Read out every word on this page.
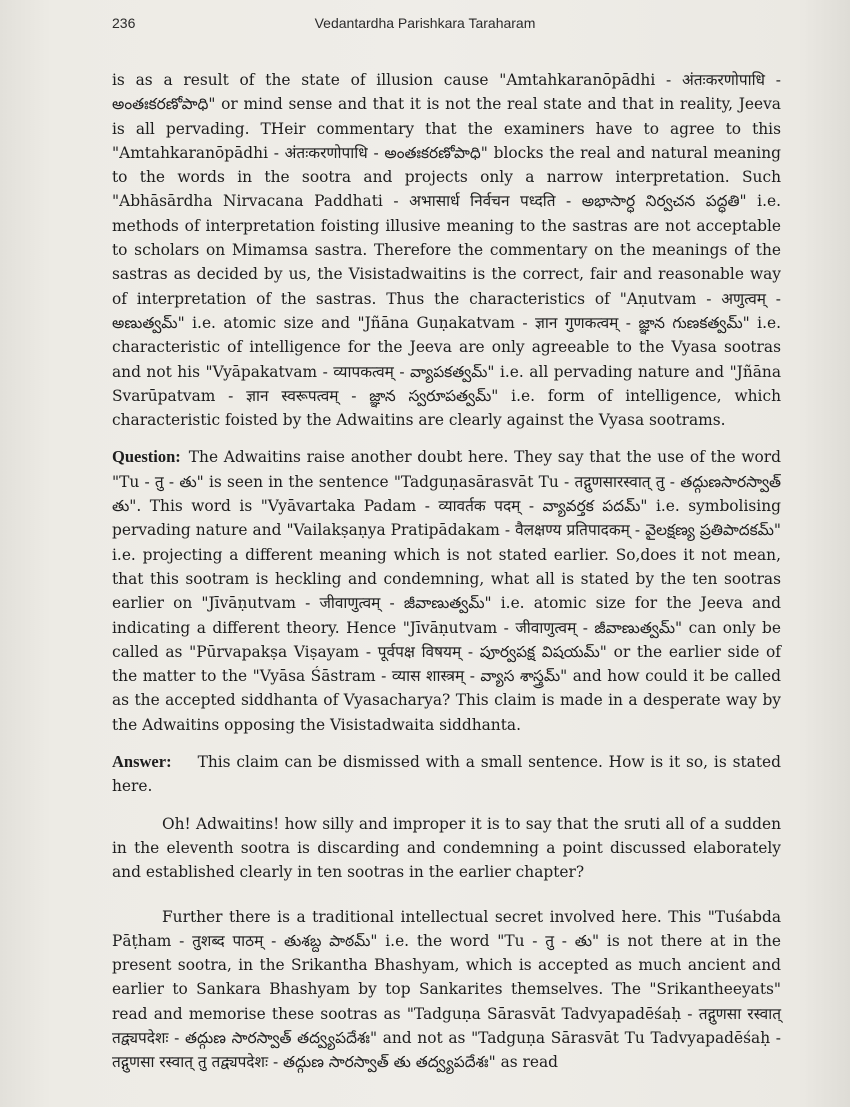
236	Vedantardha Parishkara Taraharam

is as a result of the state of illusion cause "Amtahkaranōpādhi - अंतःकरणोपाधि - అంతఃకరణోపాధి" or mind sense and that it is not the real state and that in reality, Jeeva is all pervading. THeir commentary that the examiners have to agree to this "Amtahkaranōpādhi - अंतःकरणोपाधि - అంతఃకరణోపాధి" blocks the real and natural meaning to the words in the sootra and projects only a narrow interpretation. Such "Abhāsārdha Nirvacana Paddhati - अभासार्ध निर्वचन पध्दति - అభాసార్ధ నిర్వచన పద్ధతి" i.e. methods of interpretation foisting illusive meaning to the sastras are not acceptable to scholars on Mimamsa sastra. Therefore the commentary on the meanings of the sastras as decided by us, the Visistadwaitins is the correct, fair and reasonable way of interpretation of the sastras. Thus the characteristics of "Aṇutvam - अणुत्वम् - అణుత్వమ్" i.e. atomic size and "Jñāna Guṇakatvam - ज्ञान गुणकत्वम् - జ్ఞాన గుణకత్వమ్" i.e. characteristic of intelligence for the Jeeva are only agreeable to the Vyasa sootras and not his "Vyāpakatvam - व्यापकत्वम् - వ్యాపకత్వమ్" i.e. all pervading nature and "Jñāna Svarūpatvam - ज्ञान स्वरूपत्वम् - జ్ఞాన స్వరూపత్వమ్" i.e. form of intelligence, which characteristic foisted by the Adwaitins are clearly against the Vyasa sootrams.

Question: The Adwaitins raise another doubt here. They say that the use of the word "Tu - तु - తు" is seen in the sentence "Tadguṇasārasvāt Tu - तद्गुणसारस्वात् तु - తద్గుణసారస్వాత్ తు". This word is "Vyāvartaka Padam - व्यावर्तक पदम् - వ్యావర్తక పదమ్" i.e. symbolising pervading nature and "Vailakṣaṇya Pratipādakam - वैलक्षण्य प्रतिपादकम् - వైలక్షణ్య ప్రతిపాదకమ్" i.e. projecting a different meaning which is not stated earlier. So,does it not mean, that this sootram is heckling and condemning, what all is stated by the ten sootras earlier on "Jīvāṇutvam - जीवाणुत्वम् - జీవాణుత్వమ్" i.e. atomic size for the Jeeva and indicating a different theory. Hence "Jīvāṇutvam - जीवाणुत्वम् - జీవాణుత్వమ్" can only be called as "Pūrvapakṣa Viṣayam - पूर्वपक्ष विषयम् - పూర్వపక్ష విషయమ్" or the earlier side of the matter to the "Vyāsa Śāstram - व्यास शास्त्रम् - వ్యాస శాస్త్రమ్" and how could it be called as the accepted siddhanta of Vyasacharya? This claim is made in a desperate way by the Adwaitins opposing the Visistadwaita siddhanta.

Answer: This claim can be dismissed with a small sentence. How is it so, is stated here.

Oh! Adwaitins! how silly and improper it is to say that the sruti all of a sudden in the eleventh sootra is discarding and condemning a point discussed elaborately and established clearly in ten sootras in the earlier chapter?

Further there is a traditional intellectual secret involved here. This "Tuśabda Pāṭham - तुशब्द पाठम् - తుశబ్ద పాఠమ్" i.e. the word "Tu - तु - తు" is not there at in the present sootra, in the Srikantha Bhashyam, which is accepted as much ancient and earlier to Sankara Bhashyam by top Sankarites themselves. The "Srikantheeyats" read and memorise these sootras as "Tadguṇa Sārasvāt Tadvyapadēśaḥ - तद्गुणसा रस्वात् तद्व्यपदेशः - తద్గుణ సారస్వాత్ తద్వ్యపదేశః" and not as "Tadguṇa Sārasvāt Tu Tadvyapadēśaḥ - तद्गुणसा रस्वात् तु तद्व्यपदेशः - తద్గుణ సారస్వాత్ తు తద్వ్యపదేశః" as read
